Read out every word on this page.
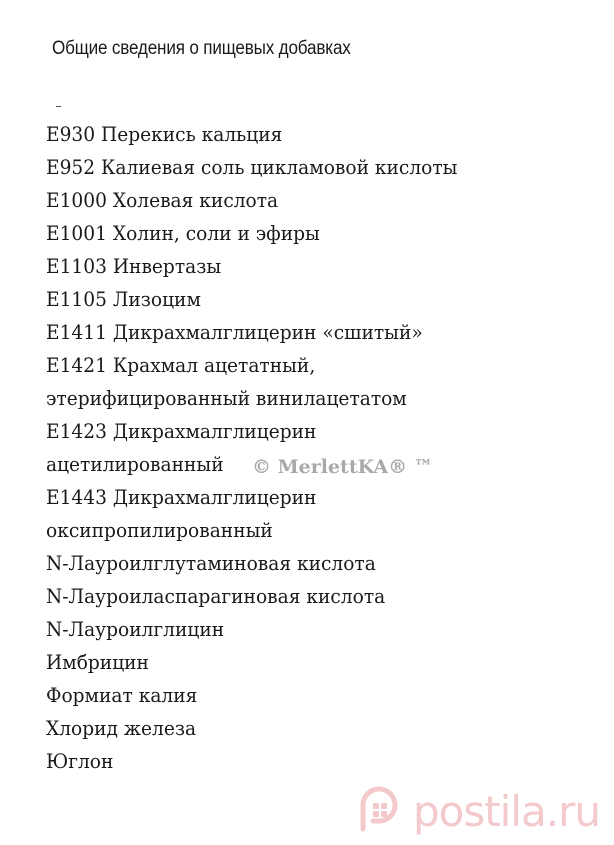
Общие сведения о пищевых добавках
E930 Перекись кальция
E952 Калиевая соль цикламовой кислоты
E1000 Холевая кислота
E1001 Холин, соли и эфиры
E1103 Инвертазы
E1105 Лизоцим
E1411 Дикрахмалглицерин «сшитый»
E1421 Крахмал ацетатный,
этерифицированный винилацетатом
E1423 Дикрахмалглицерин
ацетилированный
E1443 Дикрахмалглицерин
оксипропилированный
N-Лауроилглутаминовая кислота
N-Лауроиласпарагиновая кислота
N-Лауроилглицин
Имбрицин
Формиат калия
Хлорид железа
Юглон
© MerlettKA® ™
postila.ru
